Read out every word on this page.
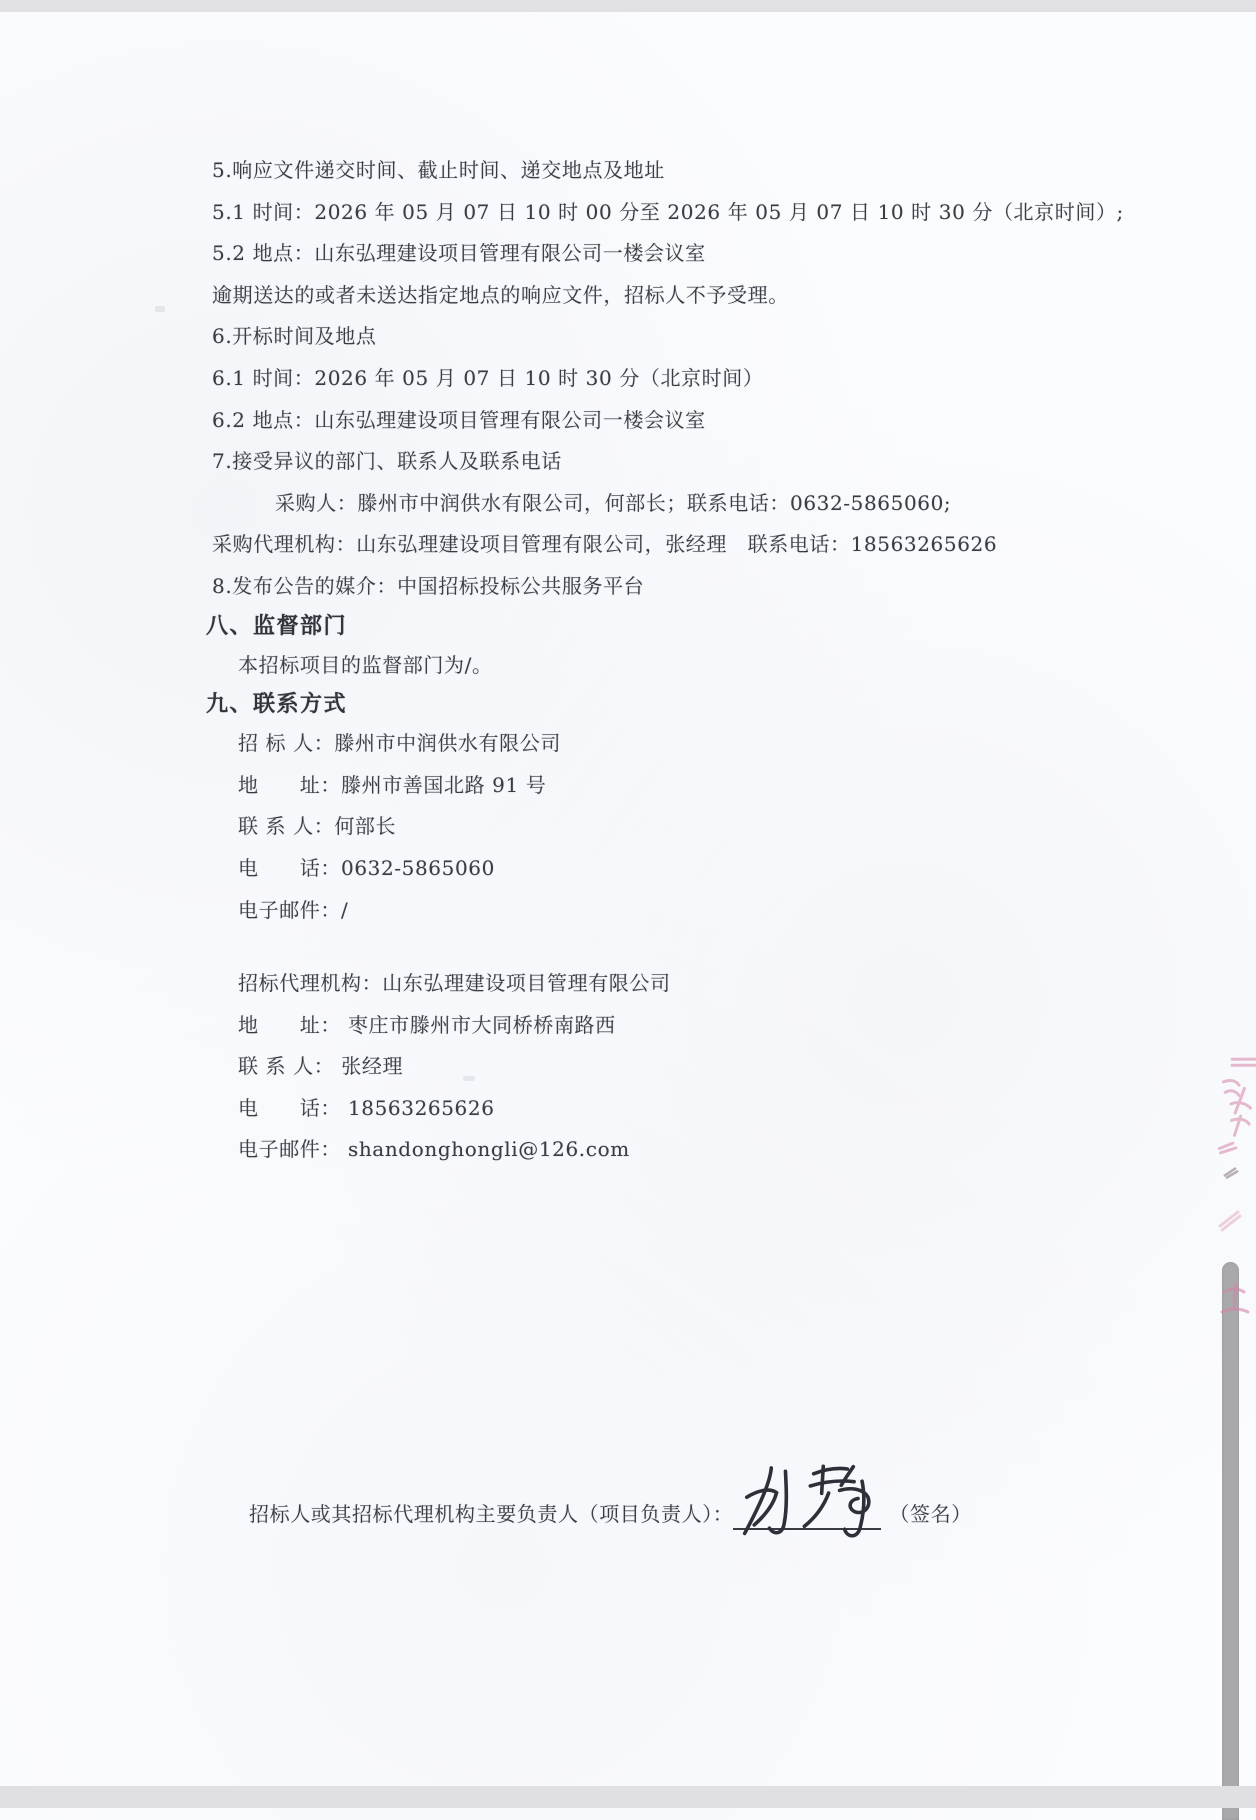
5.响应文件递交时间、截止时间、递交地点及地址
5.1 时间：2026 年 05 月 07 日 10 时 00 分至 2026 年 05 月 07 日 10 时 30 分（北京时间）;
5.2 地点：山东弘理建设项目管理有限公司一楼会议室
逾期送达的或者未送达指定地点的响应文件，招标人不予受理。
6.开标时间及地点
6.1 时间：2026 年 05 月 07 日 10 时 30 分（北京时间）
6.2 地点：山东弘理建设项目管理有限公司一楼会议室
7.接受异议的部门、联系人及联系电话
采购人：滕州市中润供水有限公司，何部长；联系电话：0632-5865060;
采购代理机构：山东弘理建设项目管理有限公司，张经理　联系电话：18563265626
8.发布公告的媒介：中国招标投标公共服务平台
八、监督部门
本招标项目的监督部门为/。
九、联系方式
招 标 人：滕州市中润供水有限公司
地　　址：滕州市善国北路 91 号
联 系 人：何部长
电　　话：0632-5865060
电子邮件：/
招标代理机构：山东弘理建设项目管理有限公司
地　　址： 枣庄市滕州市大同桥桥南路西
联 系 人： 张经理
电　　话： 18563265626
电子邮件： shandonghongli@126.com
招标人或其招标代理机构主要负责人（项目负责人）：	（签名）
